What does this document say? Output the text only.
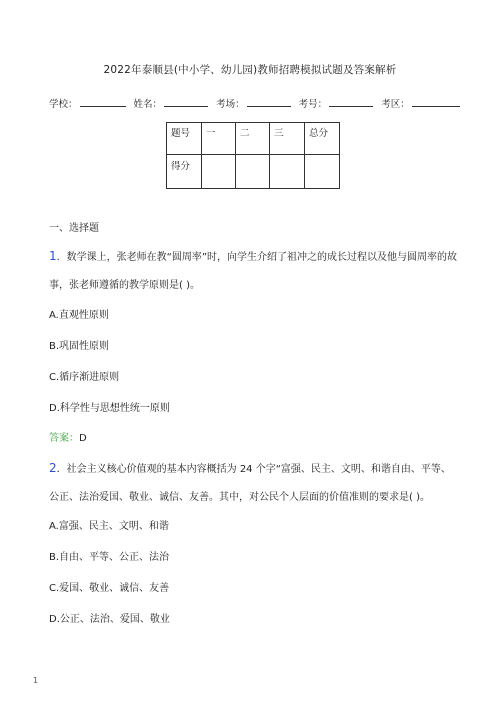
2022年泰顺县(中小学、幼儿园)教师招聘模拟试题及答案解析
学校：	姓名：	考场：	考号：	考区：
题号	一	二	三	总分
得分				
一、选择题
1．数学课上，张老师在教“圆周率”时，向学生介绍了祖冲之的成长过程以及他与圆周率的故事，张老师遵循的教学原则是( )。
A.直观性原则
B.巩固性原则
C.循序渐进原则
D.科学性与思想性统一原则
答案：D
2．社会主义核心价值观的基本内容概括为 24 个字“富强、民主、文明、和谐自由、平等、公正、法治爱国、敬业、诚信、友善。其中，对公民个人层面的价值准则的要求是( )。
A.富强、民主、文明、和谐
B.自由、平等、公正、法治
C.爱国、敬业、诚信、友善
D.公正、法治、爱国、敬业
1
